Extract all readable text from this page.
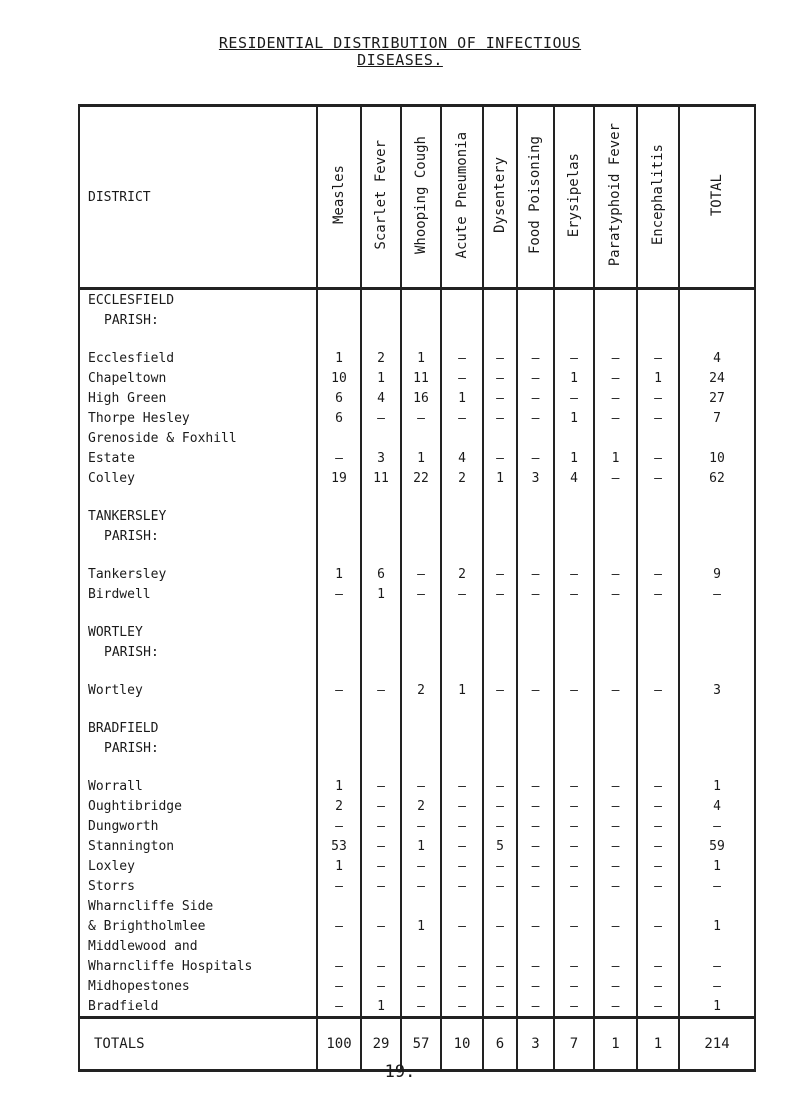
RESIDENTIAL DISTRIBUTION OF INFECTIOUS
DISEASES.
DISTRICT	Measles	Scarlet Fever	Whooping Cough	Acute Pneumonia	Dysentery	Food Poisoning	Erysipelas	Paratyphoid Fever	Encephalitis	TOTAL
ECCLESFIELD										
PARISH:										

Ecclesfield	1	2	1	–	–	–	–	–	–	4
Chapeltown	10	1	11	–	–	–	1	–	1	24
High Green	6	4	16	1	–	–	–	–	–	27
Thorpe Hesley	6	–	–	–	–	–	1	–	–	7
Grenoside & Foxhill										
Estate	–	3	1	4	–	–	1	1	–	10
Colley	19	11	22	2	1	3	4	–	–	62

TANKERSLEY										
PARISH:										

Tankersley	1	6	–	2	–	–	–	–	–	9
Birdwell	–	1	–	–	–	–	–	–	–	–

WORTLEY										
PARISH:										

Wortley	–	–	2	1	–	–	–	–	–	3

BRADFIELD										
PARISH:										

Worrall	1	–	–	–	–	–	–	–	–	1
Oughtibridge	2	–	2	–	–	–	–	–	–	4
Dungworth	–	–	–	–	–	–	–	–	–	–
Stannington	53	–	1	–	5	–	–	–	–	59
Loxley	1	–	–	–	–	–	–	–	–	1
Storrs	–	–	–	–	–	–	–	–	–	–
Wharncliffe Side										
& Brightholmlee	–	–	1	–	–	–	–	–	–	1
Middlewood and										
Wharncliffe Hospitals	–	–	–	–	–	–	–	–	–	–
Midhopestones	–	–	–	–	–	–	–	–	–	–
Bradfield	–	1	–	–	–	–	–	–	–	1
TOTALS	100	29	57	10	6	3	7	1	1	214
19.
